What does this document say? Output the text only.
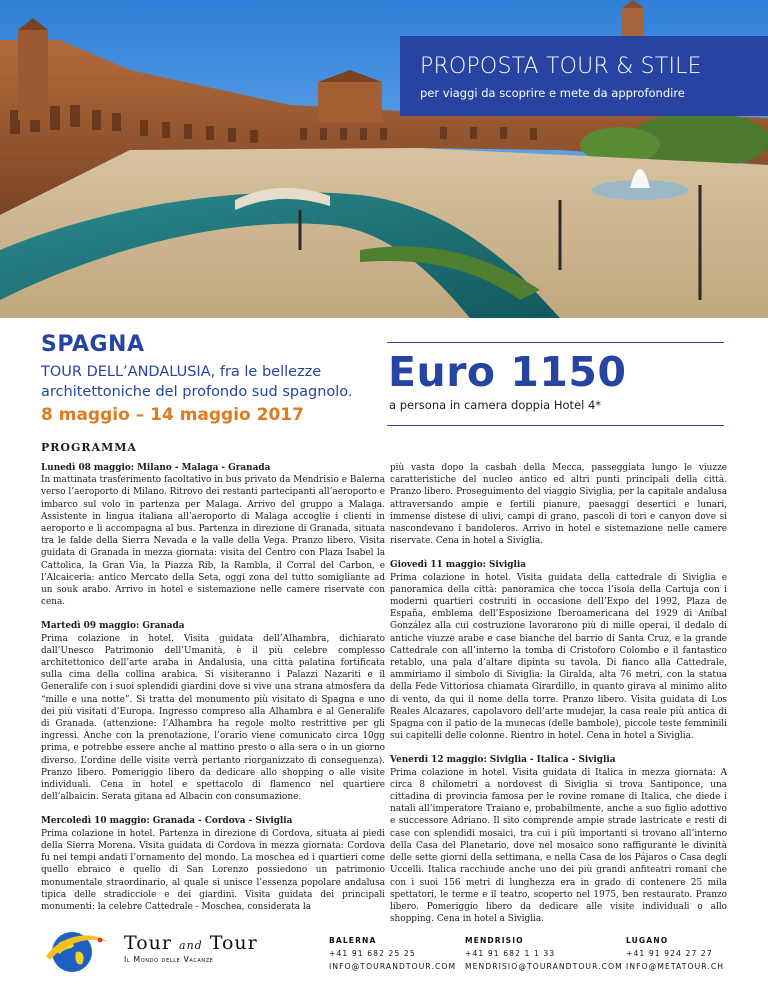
PROPOSTA TOUR & STILE
per viaggi da scoprire e mete da approfondire
SPAGNA
TOUR DELL’ANDALUSIA, fra le bellezze architettoniche del profondo sud spagnolo.
8 maggio – 14 maggio 2017
Euro 1150
a persona in camera doppia Hotel 4*
PROGRAMMA
Lunedì 08 maggio: Milano - Malaga - Granada
In mattinata trasferimento facoltativo in bus privato da Mendrisio e Balerna verso l’aeroporto di Milano. Ritrovo dei restanti partecipanti all’aeroporto e imbarco sul volo in partenza per Malaga. Arrivo del gruppo a Malaga. Assistente in lingua italiana all’aeroporto di Malaga accoglie i clienti in aeroporto e li accompagna al bus. Partenza in direzione di Granada, situata tra le falde della Sierra Nevada e la valle della Vega. Pranzo libero. Visita guidata di Granada in mezza giornata: visita del Centro con Plaza Isabel la Cattolica, la Gran Via, la Piazza Rib, la Rambla, il Corral del Carbon, e l’Alcaiceria: antico Mercato della Seta, oggi zona del tutto somigliante ad un souk arabo. Arrivo in hotel e sistemazione nelle camere riservate con cena.
Martedì 09 maggio: Granada
Prima colazione in hotel. Visita guidata dell’Alhambra, dichiarato dall’Unesco Patrimonio dell’Umanità, è il più celebre complesso architettonico dell’arte araba in Andalusia, una città palatina fortificata sulla cima della collina arabica. Si visiteranno i Palazzi Nazariti e il Generalife con i suoi splendidi giardini dove si vive una strana atmosfera da “mille e una notte”. Si tratta del monumento più visitato di Spagna e uno dei più visitati d’Europa. Ingresso compreso alla Alhambra e al Generalife di Granada. (attenzione: l’Alhambra ha regole molto restrittive per gli ingressi. Anche con la prenotazione, l’orario viene comunicato circa 10gg prima, e potrebbe essere anche al mattino presto o alla sera o in un giorno diverso. L’ordine delle visite verrà pertanto riorganizzato di conseguenza). Pranzo libero. Pomeriggio libero da dedicare allo shopping o alle visite individuali. Cena in hotel e spettacolo di flamenco nel quartiere dell’albaicin. Serata gitana ad Albacin con consumazione.
Mercoledì 10 maggio: Granada - Cordova - Siviglia
Prima colazione in hotel. Partenza in direzione di Cordova, situata ai piedi della Sierra Morena. Visita guidata di Cordova in mezza giornata: Cordova fu nei tempi andati l’ornamento del mondo. La moschea ed i quartieri come quello ebraico e quello di San Lorenzo possiedono un patrimonio monumentale straordinario, al quale si unisce l’essenza popolare andalusa tipica delle stradicciole e dei giardini. Visita guidata dei principali monumenti: la celebre Cattedrale - Moschea, considerata la
più vasta dopo la casbah della Mecca, passeggiata lungo le viuzze caratteristiche del nucleo antico ed altri punti principali della città. Pranzo libero. Proseguimento del viaggio Siviglia, per la capitale andalusa attraversando ampie e fertili pianure, paesaggi desertici e lunari, immense distese di ulivi, campi di grano, pascoli di tori e canyon dove si nascondevano i bandoleros. Arrivo in hotel e sistemazione nelle camere riservate. Cena in hotel a Siviglia.
Giovedì 11 maggio: Siviglia
Prima colazione in hotel. Visita guidata della cattedrale di Siviglia e panoramica della città: panoramica che tocca l’isola della Cartuja con i moderni quartieri costruiti in occasione dell’Expo del 1992, Plaza de España, emblema dell’Esposizione Iberoamericana del 1929 di Aníbal González alla cui costruzione lavorarono più di mille operai, il dedalo di antiche viuzze arabe e case bianche del barrio di Santa Cruz, e la grande Cattedrale con all’interno la tomba di Cristoforo Colombo e il fantastico retablo, una pala d’altare dipinta su tavola. Di fianco alla Cattedrale, ammiriamo il simbolo di Siviglia: la Giralda, alta 76 metri, con la statua della Fede Vittoriosa chiamata Girardillo, in quanto girava al minimo alito di vento, da qui il nome della torre. Pranzo libero. Visita guidata di Los Reales Alcazares, capolavoro dell’arte mudejar, la casa reale più antica di Spagna con il patio de la munecas (delle bambole), piccole teste femminili sui capitelli delle colonne. Rientro in hotel. Cena in hotel a Siviglia.
Venerdì 12 maggio: Siviglia - Italica - Siviglia
Prima colazione in hotel. Visita guidata di Italica in mezza giornata: A circa 8 chilometri a nordovest di Siviglia si trova Santiponce, una cittadina di provincia famosa per le rovine romane di Italica, che diede i natali all’imperatore Traiano e, probabilmente, anche a suo figlio adottivo e successore Adriano. Il sito comprende ampie strade lastricate e resti di case con splendidi mosaici, tra cui i più importanti si trovano all’interno della Casa del Planetario, dove nel mosaico sono raffigurante le divinità delle sette giorni della settimana, e nella Casa de los Pájaros o Casa degli Uccelli. Italica racchiude anche uno dei più grandi anfiteatri romani che con i suoi 156 metri di lunghezza era in grado di contenere 25 mila spettatori, le terme e il teatro, scoperto nel 1975, ben restaurato. Pranzo libero. Pomeriggio libero da dedicare alle visite individuali o allo shopping. Cena in hotel a Siviglia.
Tour and Tour
Il Mondo delle Vacanze
BALERNA
+41 91 682 25 25
INFO@TOURANDTOUR.COM
MENDRISIO
+41 91 682 1 1 33
MENDRISIO@TOURANDTOUR.COM
LUGANO
+41 91 924 27 27
INFO@METATOUR.CH
